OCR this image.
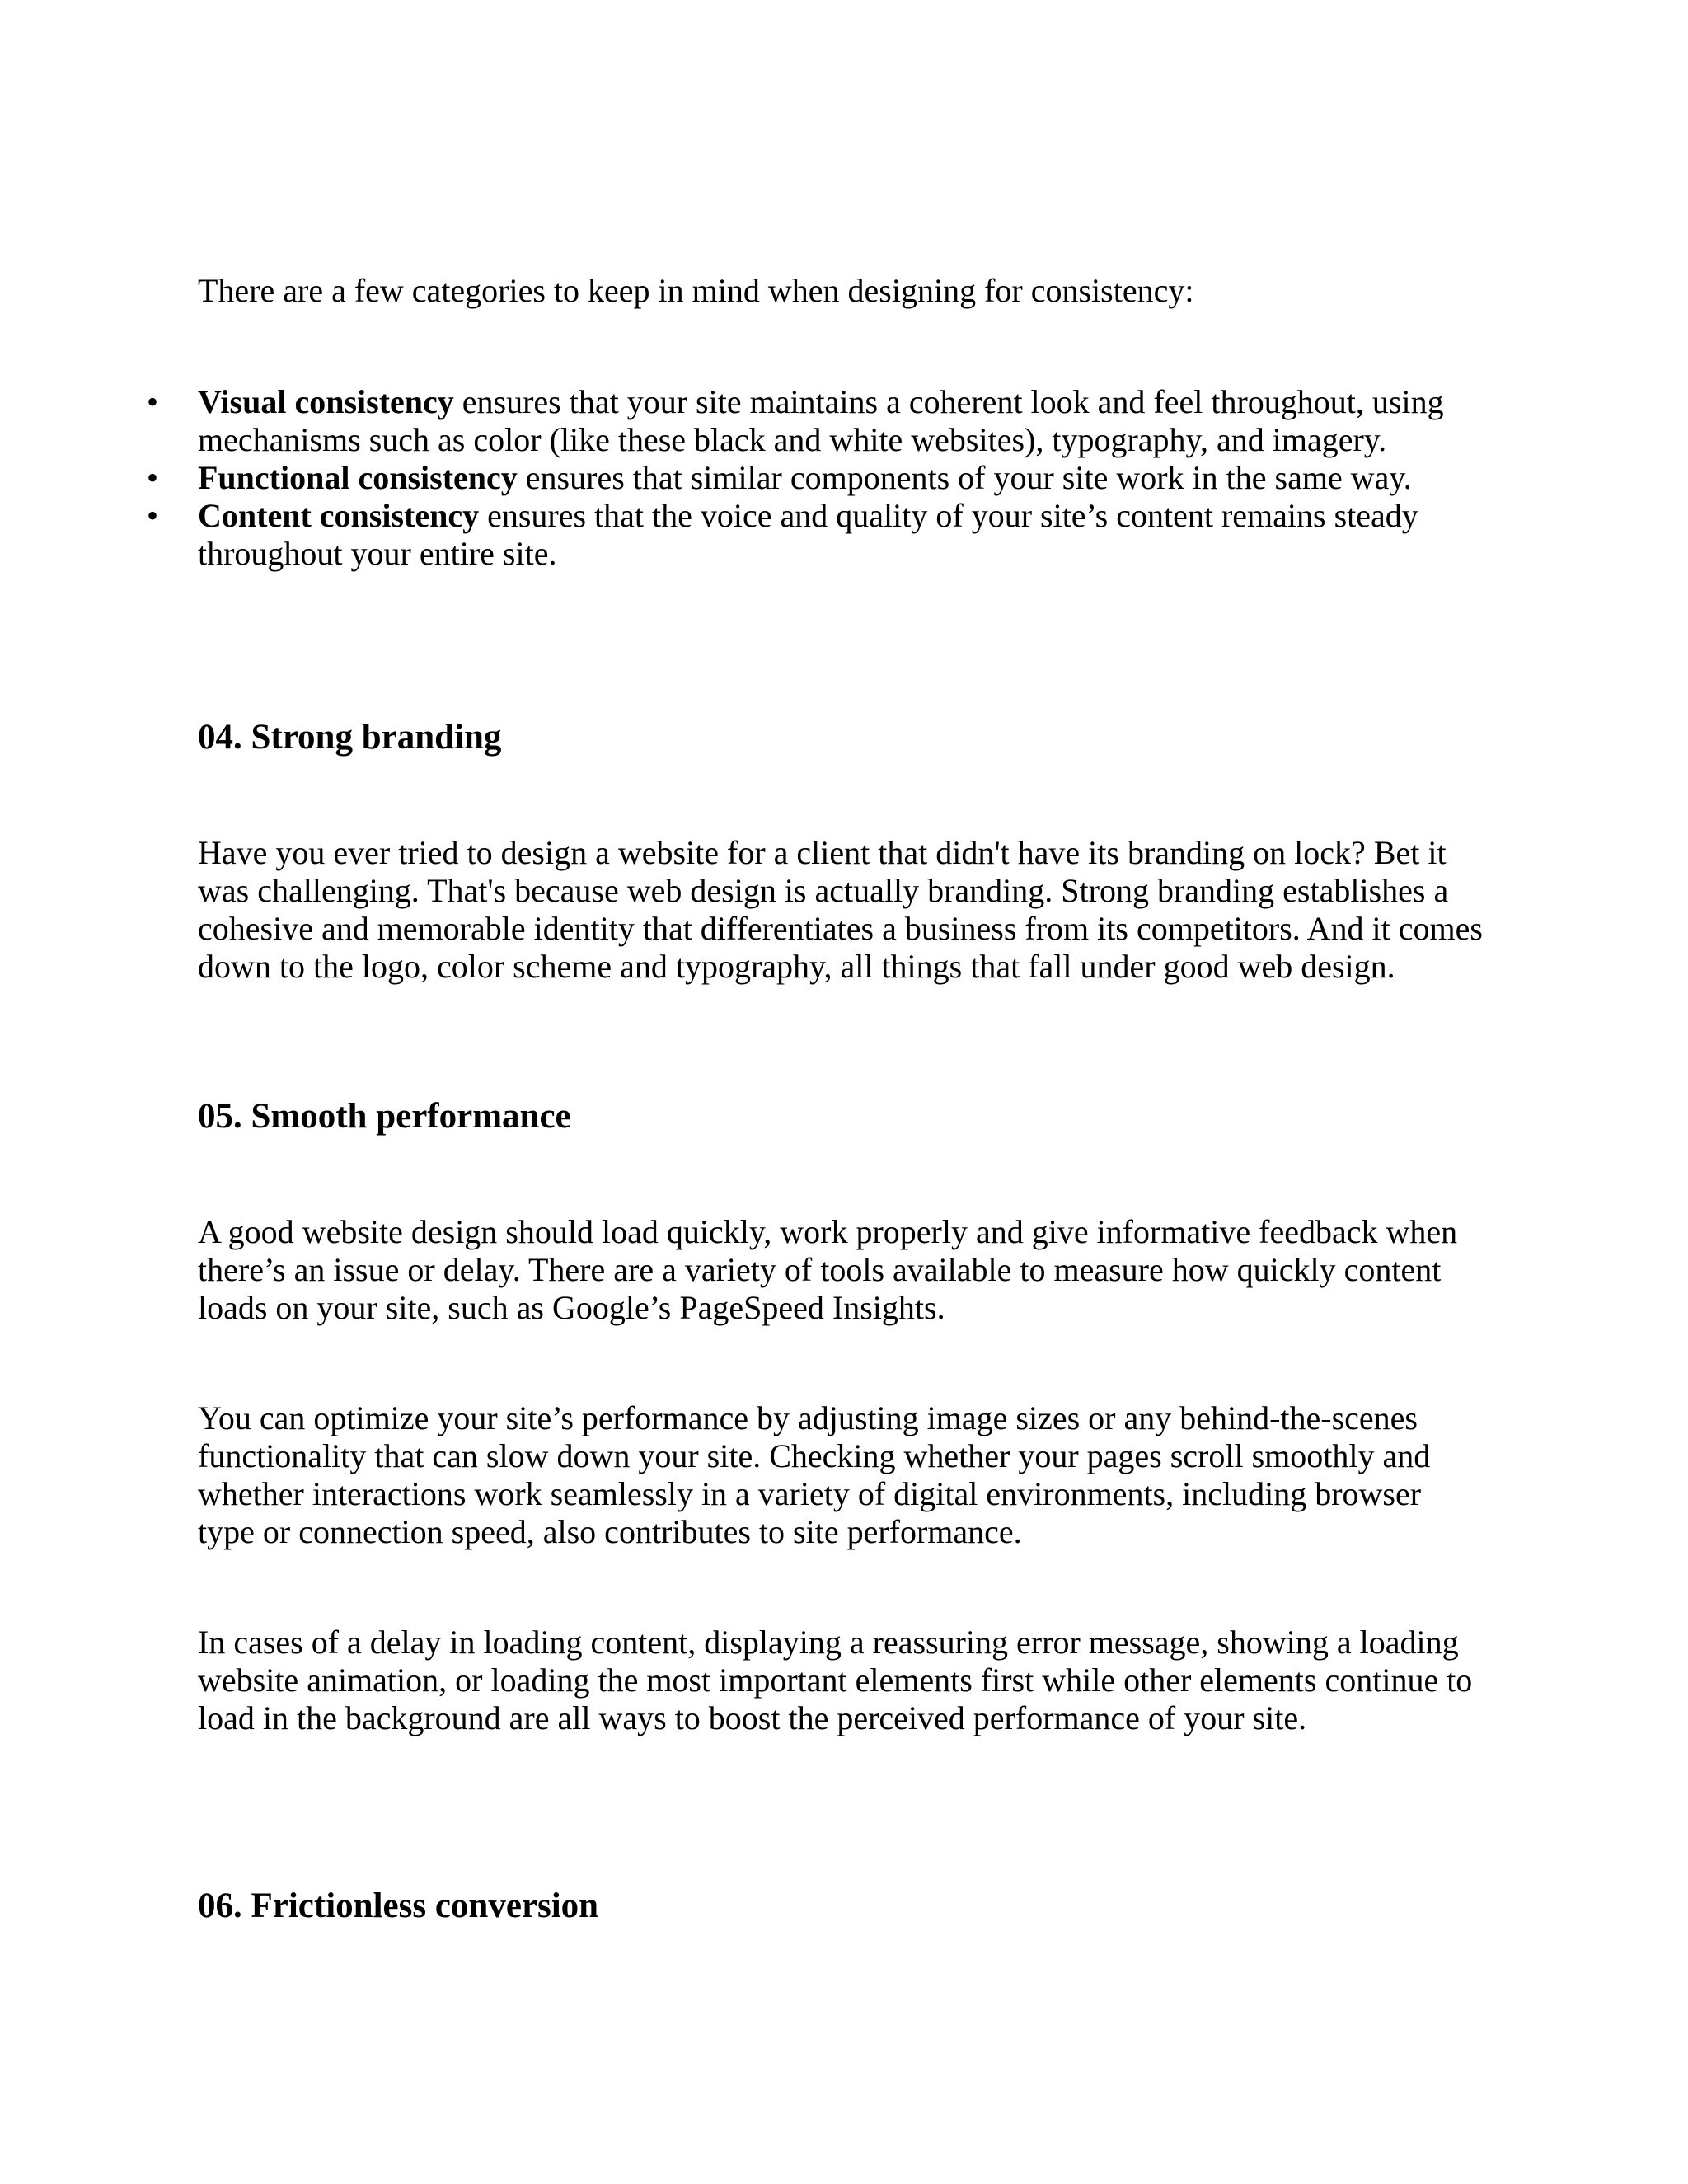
There are a few categories to keep in mind when designing for consistency:

• Visual consistency ensures that your site maintains a coherent look and feel throughout, using mechanisms such as color (like these black and white websites), typography, and imagery.
• Functional consistency ensures that similar components of your site work in the same way.
• Content consistency ensures that the voice and quality of your site’s content remains steady throughout your entire site.
04. Strong branding

Have you ever tried to design a website for a client that didn't have its branding on lock? Bet it was challenging. That's because web design is actually branding. Strong branding establishes a cohesive and memorable identity that differentiates a business from its competitors. And it comes down to the logo, color scheme and typography, all things that fall under good web design.

05. Smooth performance

A good website design should load quickly, work properly and give informative feedback when there’s an issue or delay. There are a variety of tools available to measure how quickly content loads on your site, such as Google’s PageSpeed Insights.

You can optimize your site’s performance by adjusting image sizes or any behind-the-scenes functionality that can slow down your site. Checking whether your pages scroll smoothly and whether interactions work seamlessly in a variety of digital environments, including browser type or connection speed, also contributes to site performance.

In cases of a delay in loading content, displaying a reassuring error message, showing a loading website animation, or loading the most important elements first while other elements continue to load in the background are all ways to boost the perceived performance of your site.

06. Frictionless conversion
